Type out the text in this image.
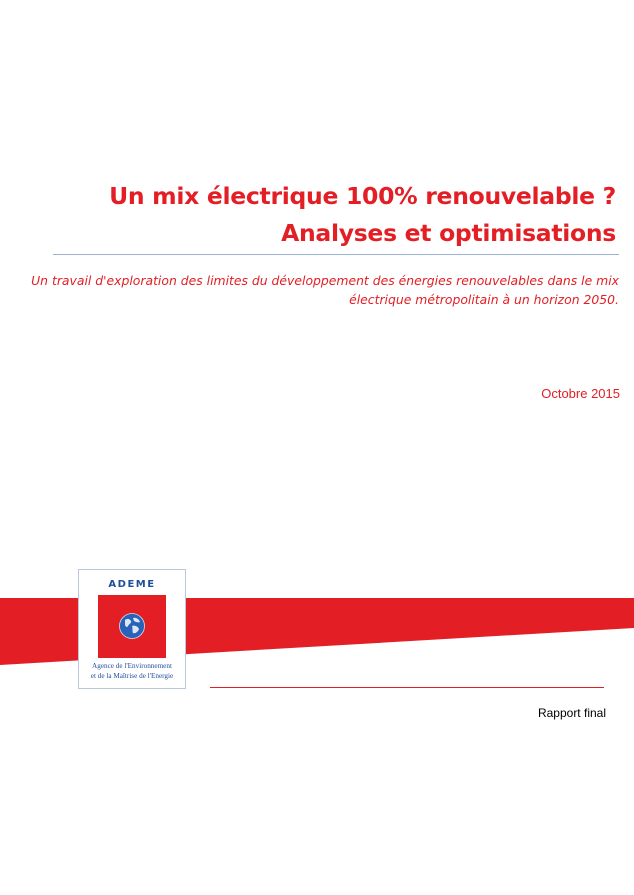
Un mix électrique 100% renouvelable ?
Analyses et optimisations
Un travail d'exploration des limites du développement des énergies renouvelables dans le mix
électrique métropolitain à un horizon 2050.
Octobre 2015
ADEME
Agence de l'Environnement
et de la Maîtrise de l'Energie
Rapport final
